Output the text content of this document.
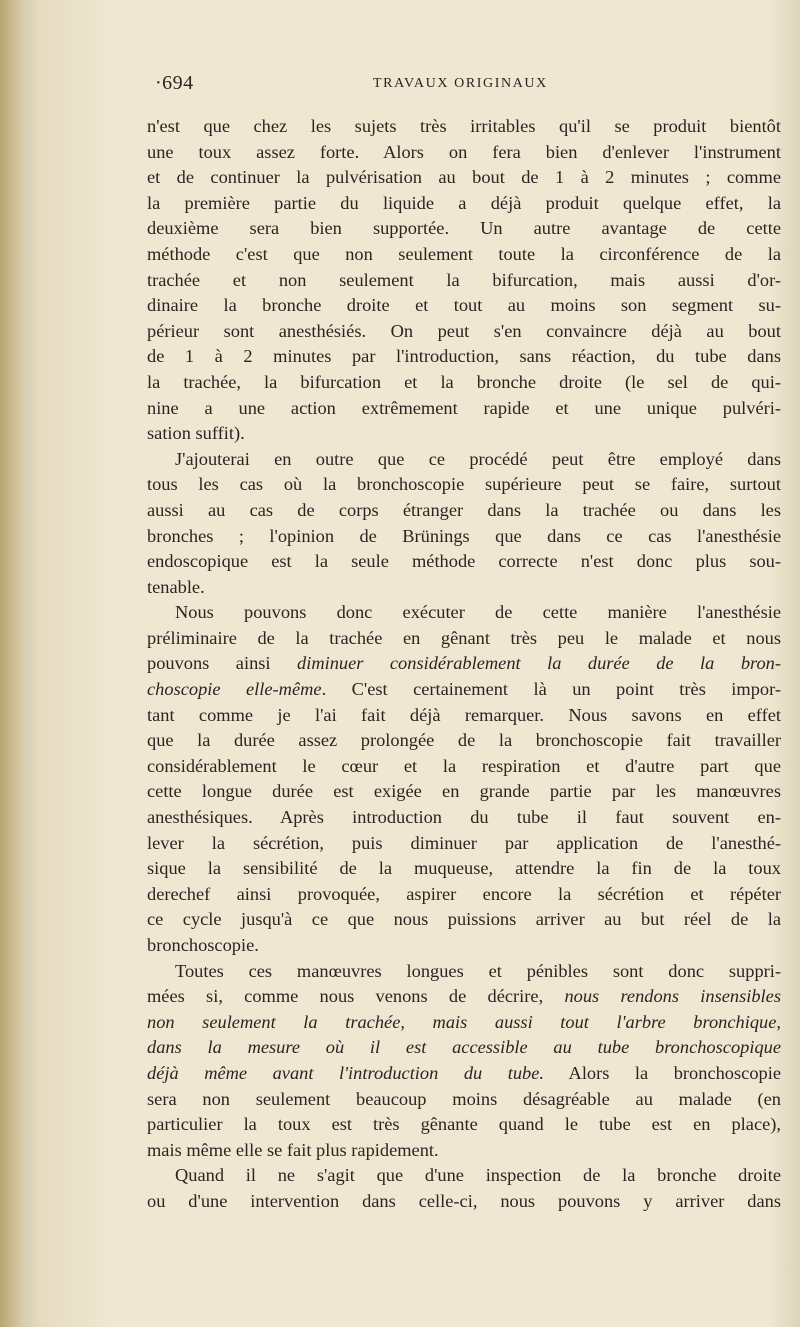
·694	TRAVAUX ORIGINAUX

n'est que chez les sujets très irritables qu'il se produit bientôt
une toux assez forte. Alors on fera bien d'enlever l'instrument
et de continuer la pulvérisation au bout de 1 à 2 minutes ; comme
la première partie du liquide a déjà produit quelque effet, la
deuxième sera bien supportée. Un autre avantage de cette
méthode c'est que non seulement toute la circonférence de la
trachée et non seulement la bifurcation, mais aussi d'or-
dinaire la bronche droite et tout au moins son segment su-
périeur sont anesthésiés. On peut s'en convaincre déjà au bout
de 1 à 2 minutes par l'introduction, sans réaction, du tube dans
la trachée, la bifurcation et la bronche droite (le sel de qui-
nine a une action extrêmement rapide et une unique pulvéri-
sation suffit).

J'ajouterai en outre que ce procédé peut être employé dans
tous les cas où la bronchoscopie supérieure peut se faire, surtout
aussi au cas de corps étranger dans la trachée ou dans les
bronches ; l'opinion de Brünings que dans ce cas l'anesthésie
endoscopique est la seule méthode correcte n'est donc plus sou-
tenable.

Nous pouvons donc exécuter de cette manière l'anesthésie
préliminaire de la trachée en gênant très peu le malade et nous
pouvons ainsi diminuer considérablement la durée de la bron-
choscopie elle-même. C'est certainement là un point très impor-
tant comme je l'ai fait déjà remarquer. Nous savons en effet
que la durée assez prolongée de la bronchoscopie fait travailler
considérablement le cœur et la respiration et d'autre part que
cette longue durée est exigée en grande partie par les manœuvres
anesthésiques. Après introduction du tube il faut souvent en-
lever la sécrétion, puis diminuer par application de l'anesthé-
sique la sensibilité de la muqueuse, attendre la fin de la toux
derechef ainsi provoquée, aspirer encore la sécrétion et répéter
ce cycle jusqu'à ce que nous puissions arriver au but réel de la
bronchoscopie.

Toutes ces manœuvres longues et pénibles sont donc suppri-
mées si, comme nous venons de décrire, nous rendons insensibles
non seulement la trachée, mais aussi tout l'arbre bronchique,
dans la mesure où il est accessible au tube bronchoscopique
déjà même avant l'introduction du tube. Alors la bronchoscopie
sera non seulement beaucoup moins désagréable au malade (en
particulier la toux est très gênante quand le tube est en place),
mais même elle se fait plus rapidement.

Quand il ne s'agit que d'une inspection de la bronche droite
ou d'une intervention dans celle-ci, nous pouvons y arriver dans
